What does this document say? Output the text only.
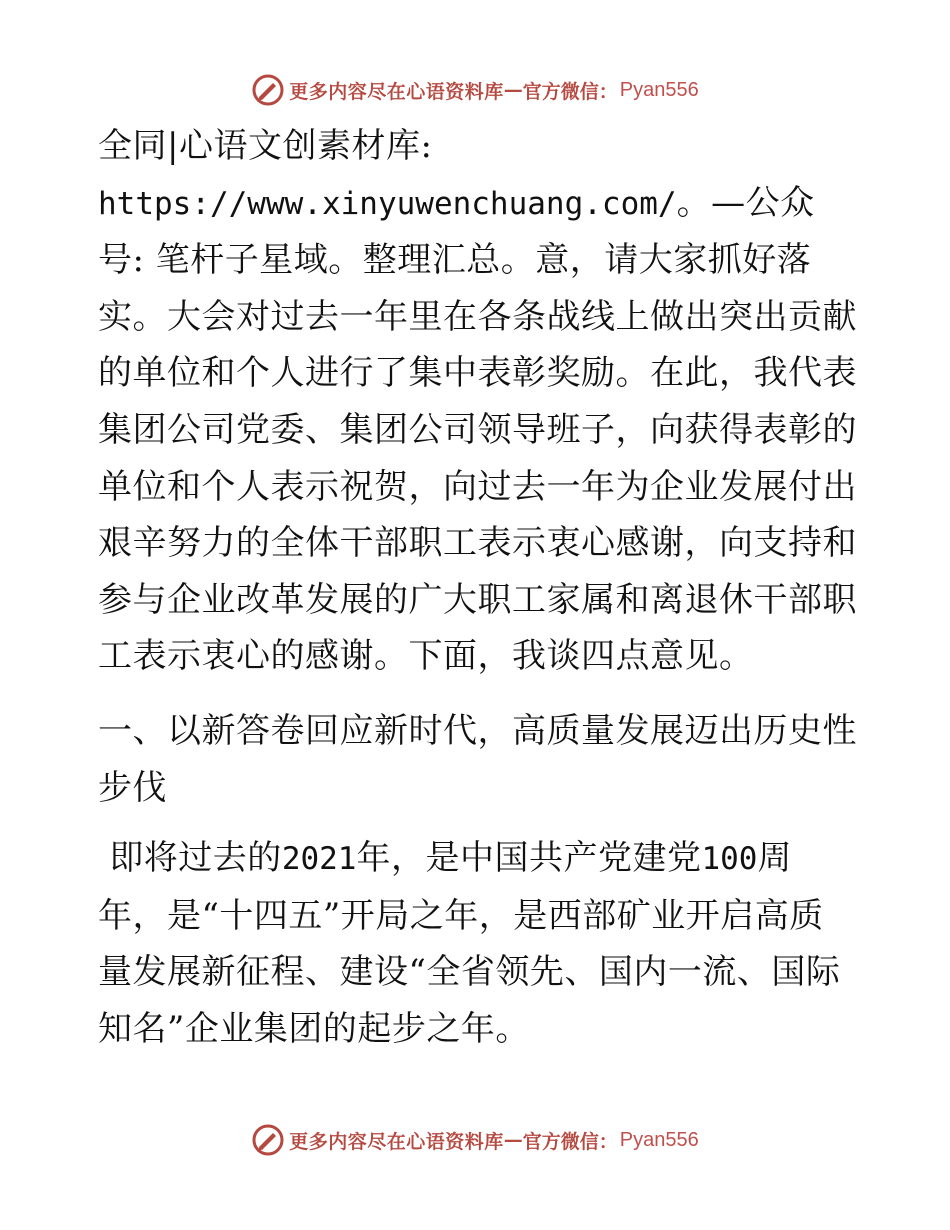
更多内容尽在心语资料库 — 官方微信： Pyan556

全同|心语文创素材库: https://www.xinyuwenchuang.com/。—公众号: 笔杆子星域。整理汇总。意，请大家抓好落实。大会对过去一年里在各条战线上做出突出贡献的单位和个人进行了集中表彰奖励。在此，我代表集团公司党委、集团公司领导班子，向获得表彰的单位和个人表示祝贺，向过去一年为企业发展付出艰辛努力的全体干部职工表示衷心感谢，向支持和参与企业改革发展的广大职工家属和离退休干部职工表示衷心的感谢。下面，我谈四点意见。

一、以新答卷回应新时代，高质量发展迈出历史性步伐

即将过去的2021年，是中国共产党建党100周年，是“十四五”开局之年，是西部矿业开启高质量发展新征程、建设“全省领先、国内一流、国际知名”企业集团的起步之年。

更多内容尽在心语资料库 — 官方微信： Pyan556
